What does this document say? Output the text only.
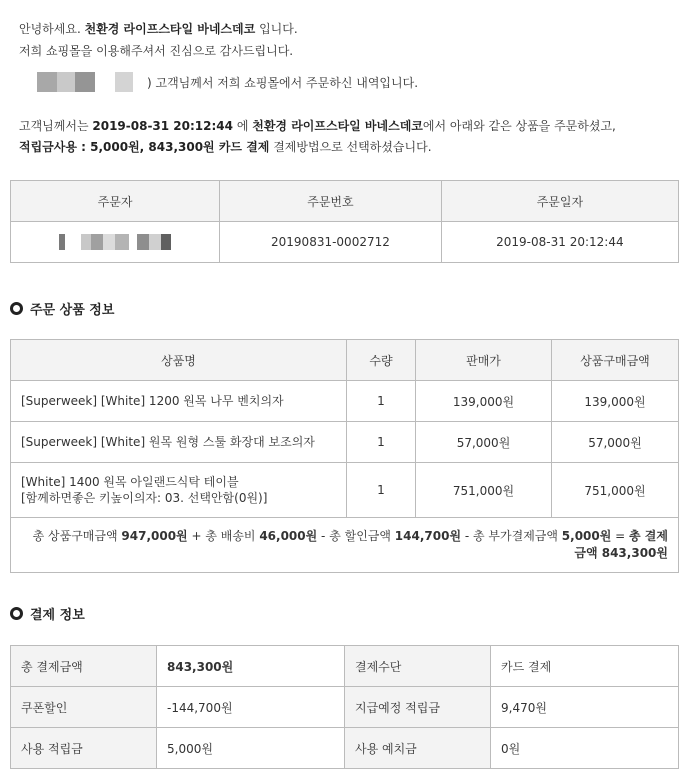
안녕하세요. 천환경 라이프스타일 바네스데코 입니다.

저희 쇼핑몰을 이용해주셔서 진심으로 감사드립니다.

) 고객님께서 저희 쇼핑몰에서 주문하신 내역입니다.

고객님께서는 2019-08-31 20:12:44 에 천환경 라이프스타일 바네스데코에서 아래와 같은 상품을 주문하셨고,

적립금사용 : 5,000원, 843,300원 카드 결제 결제방법으로 선택하셨습니다.

주문자	주문번호	주문일자
	20190831-0002712	2019-08-31 20:12:44
주문 상품 정보
상품명	수량	판매가	상품구매금액
[Superweek] [White] 1200 원목 나무 벤치의자	1	139,000원	139,000원
[Superweek] [White] 원목 원형 스툴 화장대 보조의자	1	57,000원	57,000원

[White] 1400 원목 아일랜드식탁 테이블
[함께하면좋은 키높이의자: 03. 선택안함(0원)]	1	751,000원	751,000원
총 상품구매금액 947,000원 + 총 배송비 46,000원 - 총 할인금액 144,700원 - 총 부가결제금액 5,000원 = 총 결제금액 843,300원			
결제 정보
총 결제금액	843,300원	결제수단	카드 결제
쿠폰할인	-144,700원	지급예정 적립금	9,470원
사용 적립금	5,000원	사용 예치금	0원
